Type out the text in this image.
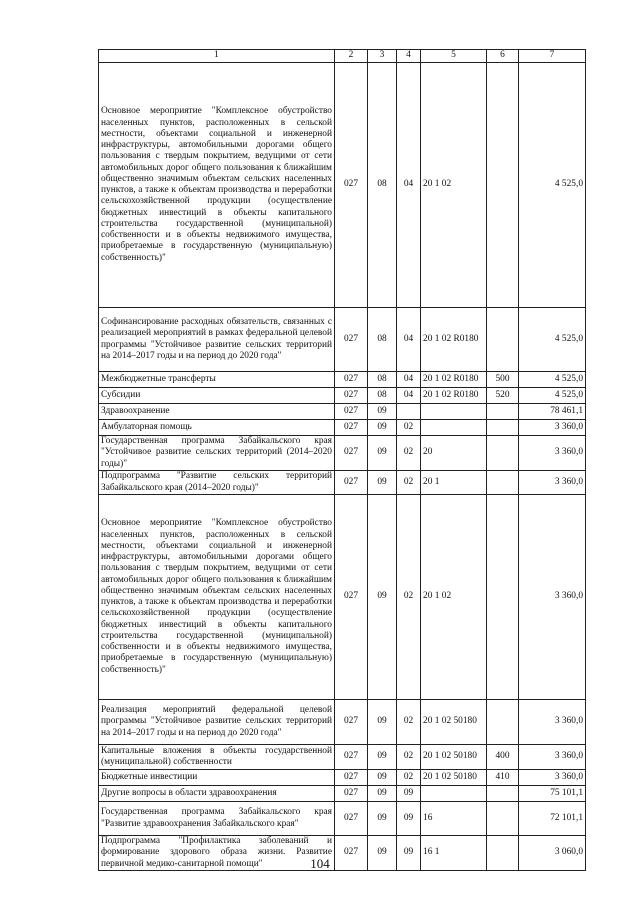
1	2	3	4	5	6	7
Основное мероприятие "Комплексное обустройство населенных пунктов, расположенных в сельской местности, объектами социальной и инженерной инфраструктуры, автомобильными дорогами общего пользования с твердым покрытием, ведущими от сети автомобильных дорог общего пользования к ближайшим общественно значимым объектам сельских населенных пунктов, а также к объектам производства и переработки сельскохозяйственной продукции (осуществление бюджетных инвестиций в объекты капитального строительства государственной (муниципальной) собственности и в объекты недвижимого имущества, приобретаемые в государственную (муниципальную) собственность)"	027	08	04	20 1 02		4 525,0
Софинансирование расходных обязательств, связанных с реализацией мероприятий в рамках федеральной целевой программы "Устойчивое развитие сельских территорий на 2014–2017 годы и на период до 2020 года"	027	08	04	20 1 02 R0180		4 525,0
Межбюджетные трансферты	027	08	04	20 1 02 R0180	500	4 525,0
Субсидии	027	08	04	20 1 02 R0180	520	4 525,0
Здравоохранение	027	09				78 461,1
Амбулаторная помощь	027	09	02			3 360,0
Государственная программа Забайкальского края "Устойчивое развитие сельских территорий (2014–2020 годы)"	027	09	02	20		3 360,0
Подпрограмма "Развитие сельских территорий Забайкальского края (2014–2020 годы)"	027	09	02	20 1		3 360,0
Основное мероприятие "Комплексное обустройство населенных пунктов, расположенных в сельской местности, объектами социальной и инженерной инфраструктуры, автомобильными дорогами общего пользования с твердым покрытием, ведущими от сети автомобильных дорог общего пользования к ближайшим общественно значимым объектам сельских населенных пунктов, а также к объектам производства и переработки сельскохозяйственной продукции (осуществление бюджетных инвестиций в объекты капитального строительства государственной (муниципальной) собственности и в объекты недвижимого имущества, приобретаемые в государственную (муниципальную) собственность)"	027	09	02	20 1 02		3 360,0
Реализация мероприятий федеральной целевой программы "Устойчивое развитие сельских территорий на 2014–2017 годы и на период до 2020 года"	027	09	02	20 1 02 50180		3 360,0
Капитальные вложения в объекты государственной (муниципальной) собственности	027	09	02	20 1 02 50180	400	3 360,0
Бюджетные инвестиции	027	09	02	20 1 02 50180	410	3 360,0
Другие вопросы в области здравоохранения	027	09	09			75 101,1
Государственная программа Забайкальского края "Развитие здравоохранения Забайкальского края"	027	09	09	16		72 101,1
Подпрограмма "Профилактика заболеваний и формирование здорового образа жизни. Развитие первичной медико-санитарной помощи"	027	09	09	16 1		3 060,0
104
